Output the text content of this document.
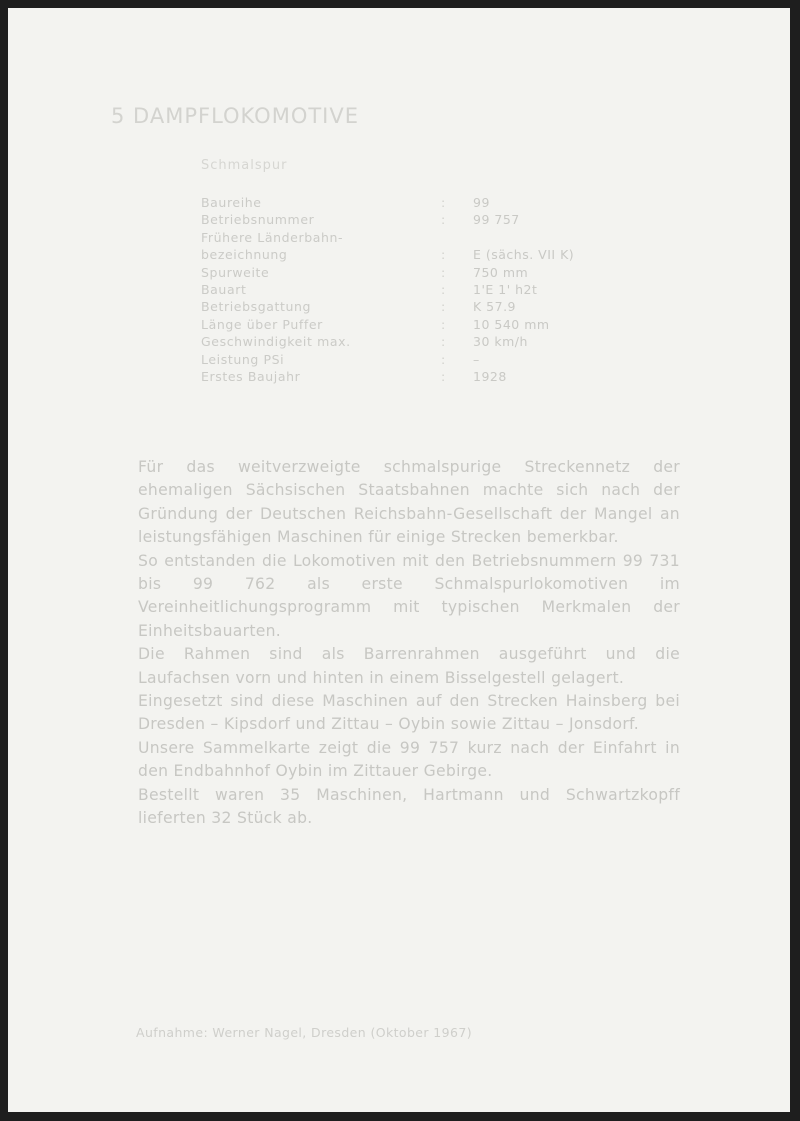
5 DAMPFLOKOMOTIVE
Schmalspur
Baureihe	: 99
Betriebsnummer	: 99 757
Frühere Länderbahn-
bezeichnung	: E (sächs. VII K)
Spurweite	: 750 mm
Bauart	: 1'E 1' h2t
Betriebsgattung	: K 57.9
Länge über Puffer	: 10 540 mm
Geschwindigkeit max.	: 30 km/h
Leistung PSi	: –
Erstes Baujahr	: 1928

Für das weitverzweigte schmalspurige Streckennetz der ehemaligen Sächsischen Staatsbahnen machte sich nach der Gründung der Deutschen Reichsbahn-Gesellschaft der Mangel an leistungsfähigen Maschinen für einige Strecken bemerkbar.

So entstanden die Lokomotiven mit den Betriebsnummern 99 731 bis 99 762 als erste Schmalspurlokomotiven im Vereinheitlichungsprogramm mit typischen Merkmalen der Einheitsbauarten.

Die Rahmen sind als Barrenrahmen ausgeführt und die Laufachsen vorn und hinten in einem Bisselgestell gelagert.

Eingesetzt sind diese Maschinen auf den Strecken Hainsberg bei Dresden – Kipsdorf und Zittau – Oybin sowie Zittau – Jonsdorf.

Unsere Sammelkarte zeigt die 99 757 kurz nach der Einfahrt in den Endbahnhof Oybin im Zittauer Gebirge.

Bestellt waren 35 Maschinen, Hartmann und Schwartzkopff lieferten 32 Stück ab.

Aufnahme: Werner Nagel, Dresden (Oktober 1967)
